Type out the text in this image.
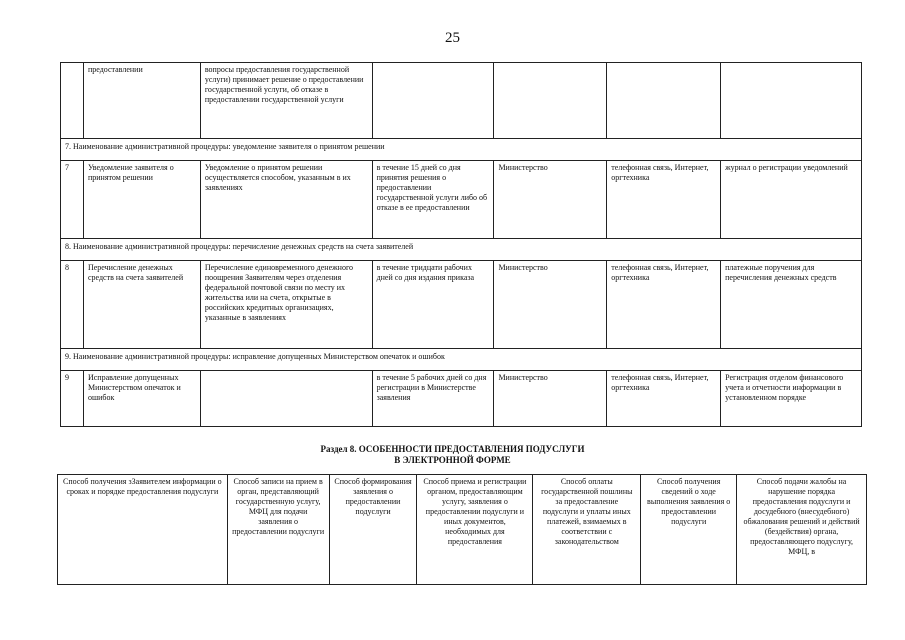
25
	предоставлении	вопросы предоставления государственной услуги) принимает решение о предоставлении государственной услуги, об отказе в предоставлении государственной услуги				
7. Наименование административной процедуры: уведомление заявителя о принятом решении						
7	Уведомление заявителя о принятом решении	Уведомление о принятом решении осуществляется способом, указанным в их заявлениях	в течение 15 дней со дня принятия решения о предоставлении государственной услуги либо об отказе в ее предоставлении	Министерство	телефонная связь, Интернет, оргтехника	журнал о регистрации уведомлений
8. Наименование административной процедуры: перечисление денежных средств на счета заявителей						
8	Перечисление денежных средств на счета заявителей	Перечисление единовременного денежного поощрения Заявителям через отделения федеральной почтовой связи по месту их жительства или на счета, открытые в российских кредитных организациях, указанные в заявлениях	в течение тридцати рабочих дней со дня издания приказа	Министерство	телефонная связь, Интернет, оргтехника	платежные поручения для перечисления денежных средств
9. Наименование административной процедуры: исправление допущенных Министерством опечаток и ошибок						
9	Исправление допущенных Министерством опечаток и ошибок		в течение 5 рабочих дней со дня регистрации в Министерстве заявления	Министерство	телефонная связь, Интернет, оргтехника	Регистрация отделом финансового учета и отчетности информации в установленном порядке
Раздел 8. ОСОБЕННОСТИ ПРЕДОСТАВЛЕНИЯ ПОДУСЛУГИ
В ЭЛЕКТРОННОЙ ФОРМЕ
Способ получения зЗаявителем информации о сроках и порядке предоставления подуслуги	Способ записи на прием в орган, представляющий государственную услугу, МФЦ для подачи заявления о предоставлении подуслуги	Способ формирования заявления о предоставлении подуслуги	Способ приема и регистрации органом, предоставляющим услугу, заявления о предоставлении подуслуги и иных документов, необходимых для предоставления	Способ оплаты государственной пошлины за предоставление подуслуги и уплаты иных платежей, взимаемых в соответствии с законодательством	Способ получения сведений о ходе выполнения заявления о предоставлении подуслуги	Способ подачи жалобы на нарушение порядка предоставления подуслуги и досудебного (внесудебного) обжалования решений и действий (бездействия) органа, предоставляющего подуслугу, МФЦ, в
